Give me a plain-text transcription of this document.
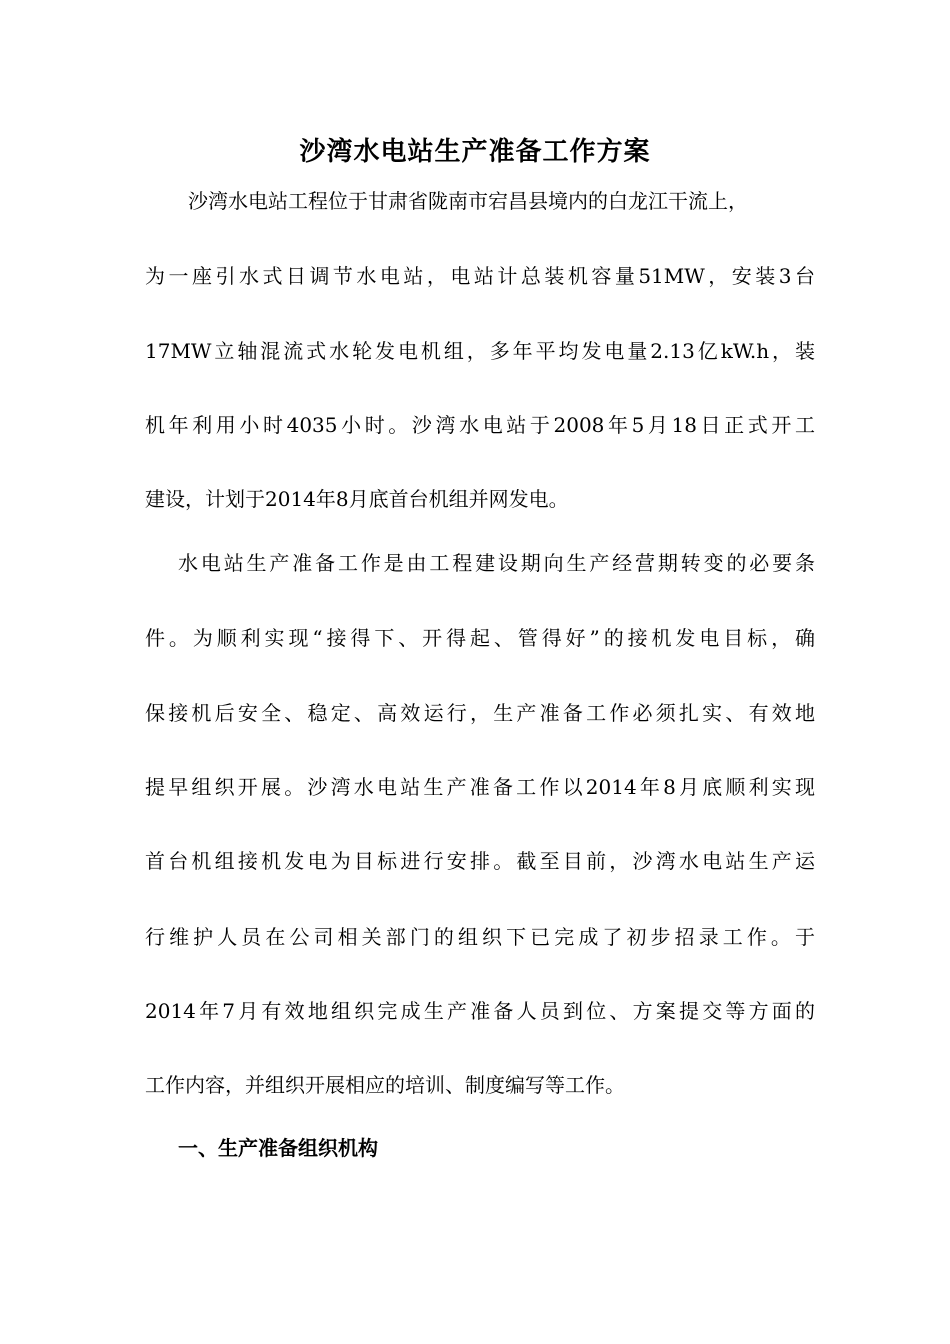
沙湾水电站生产准备工作方案

沙湾水电站工程位于甘肃省陇南市宕昌县境内的白龙江干流上，

为一座引水式日调节水电站，电站计总装机容量51MW，安装3台

17MW立轴混流式水轮发电机组，多年平均发电量2.13亿kW.h，装

机年利用小时4035小时。沙湾水电站于2008年5月18日正式开工

建设，计划于2014年8月底首台机组并网发电。

水电站生产准备工作是由工程建设期向生产经营期转变的必要条

件。为顺利实现“接得下、开得起、管得好”的接机发电目标，确

保接机后安全、稳定、高效运行，生产准备工作必须扎实、有效地

提早组织开展。沙湾水电站生产准备工作以2014年8月底顺利实现

首台机组接机发电为目标进行安排。截至目前，沙湾水电站生产运

行维护人员在公司相关部门的组织下已完成了初步招录工作。于

2014年7月有效地组织完成生产准备人员到位、方案提交等方面的

工作内容，并组织开展相应的培训、制度编写等工作。

一、生产准备组织机构
